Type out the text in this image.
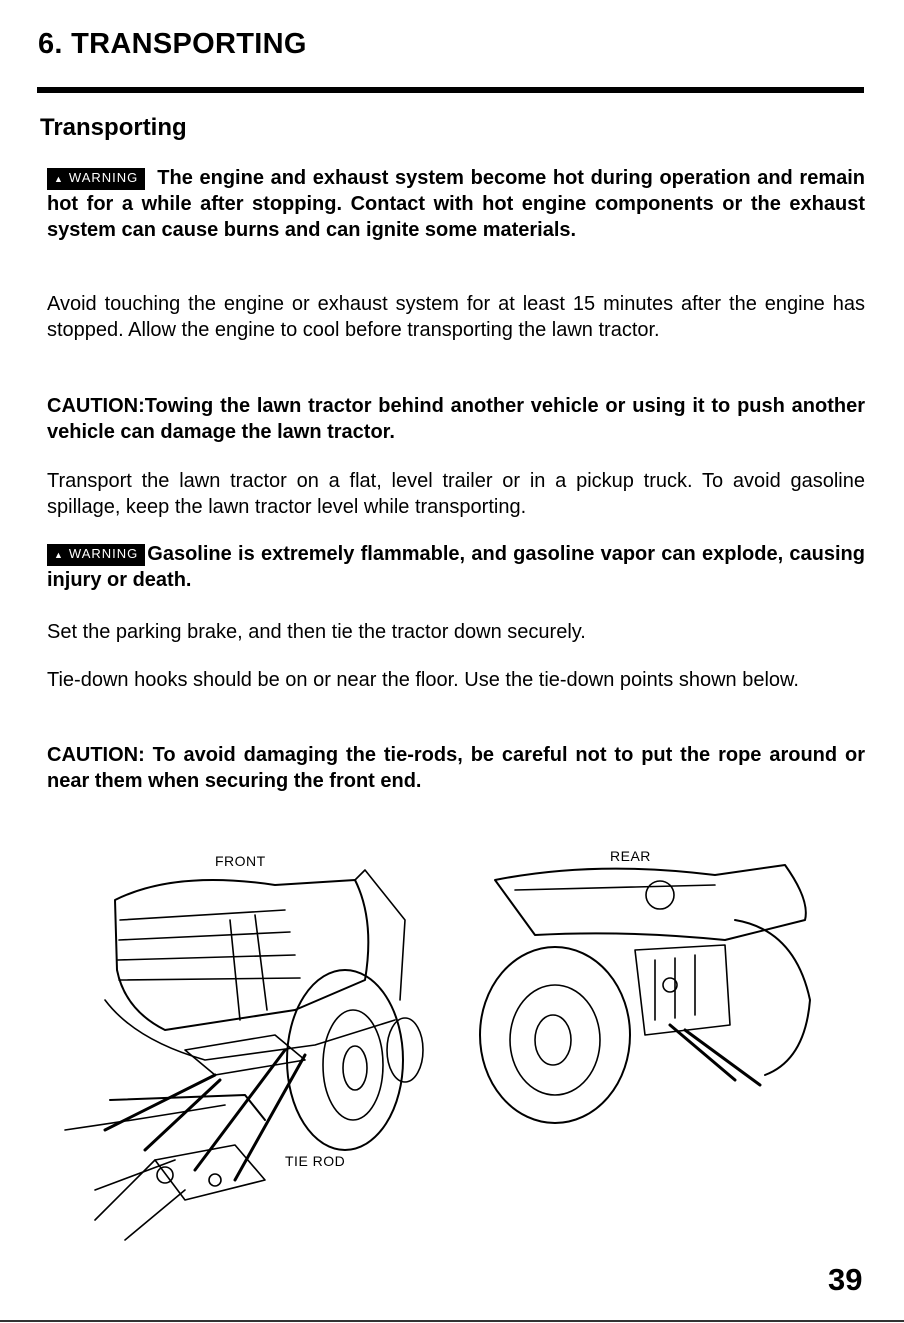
6. TRANSPORTING
Transporting

▲ WARNING The engine and exhaust system become hot during operation and remain hot for a while after stopping. Contact with hot engine components or the exhaust system can cause burns and can ignite some materials.

Avoid touching the engine or exhaust system for at least 15 minutes after the engine has stopped. Allow the engine to cool before transporting the lawn tractor.

CAUTION:Towing the lawn tractor behind another vehicle or using it to push another vehicle can damage the lawn tractor.

Transport the lawn tractor on a flat, level trailer or in a pickup truck. To avoid gasoline spillage, keep the lawn tractor level while transporting.

▲ WARNING Gasoline is extremely flammable, and gasoline vapor can explode, causing injury or death.

Set the parking brake, and then tie the tractor down securely.

Tie-down hooks should be on or near the floor. Use the tie-down points shown below.

CAUTION: To avoid damaging the tie-rods, be careful not to put the rope around or near them when securing the front end.

FRONT
TIE ROD
REAR
39
